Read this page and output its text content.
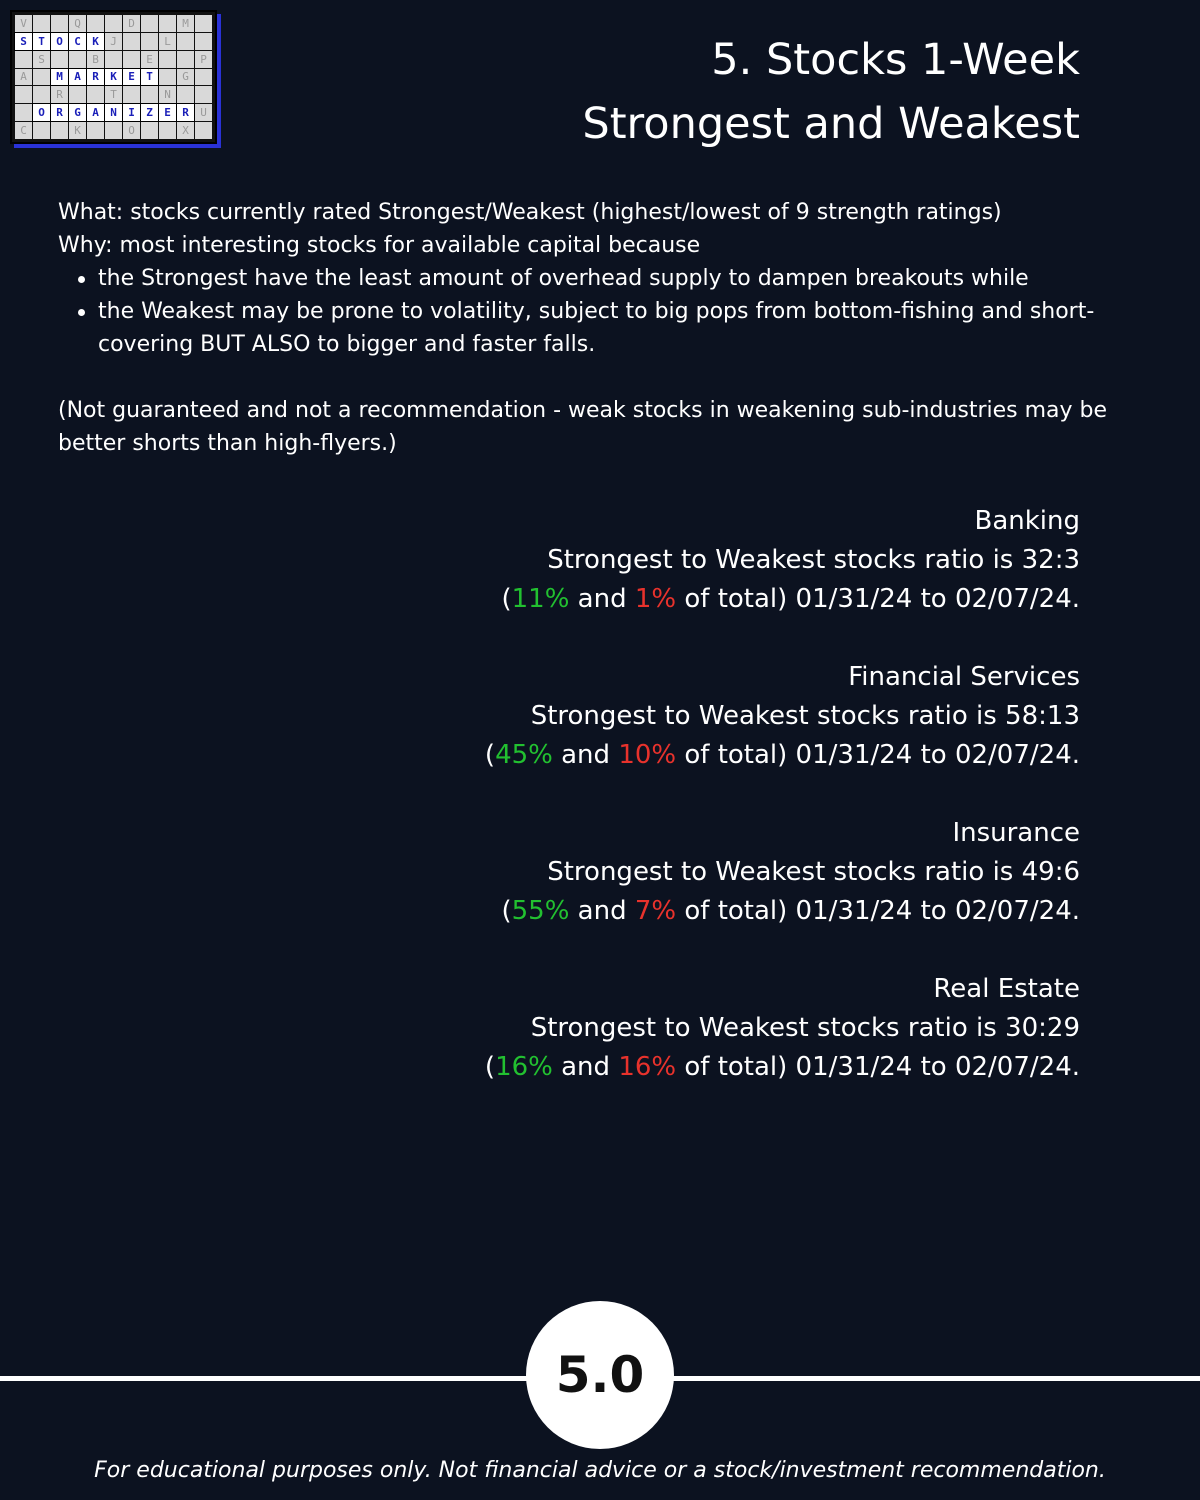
V	Q	D	M
S	T	O	C	K	J	L
S	B	E	P
A	M	A	R	K	E	T	G
R	T	N
O	R	G	A	N	I	Z	E	R	U
C	K	O	X
5. Stocks 1-Week
Strongest and Weakest

What: stocks currently rated Strongest/Weakest (highest/lowest of 9 strength ratings)

Why: most interesting stocks for available capital because

the Strongest have the least amount of overhead supply to dampen breakouts while
the Weakest may be prone to volatility, subject to big pops from bottom-fishing and short-covering BUT ALSO to bigger and faster falls.

(Not guaranteed and not a recommendation - weak stocks in weakening sub-industries may be better shorts than high-flyers.)

Banking
Strongest to Weakest stocks ratio is 32:3
(11% and 1% of total) 01/31/24 to 02/07/24.
Financial Services
Strongest to Weakest stocks ratio is 58:13
(45% and 10% of total) 01/31/24 to 02/07/24.
Insurance
Strongest to Weakest stocks ratio is 49:6
(55% and 7% of total) 01/31/24 to 02/07/24.
Real Estate
Strongest to Weakest stocks ratio is 30:29
(16% and 16% of total) 01/31/24 to 02/07/24.
5.0

For educational purposes only. Not financial advice or a stock/investment recommendation.
